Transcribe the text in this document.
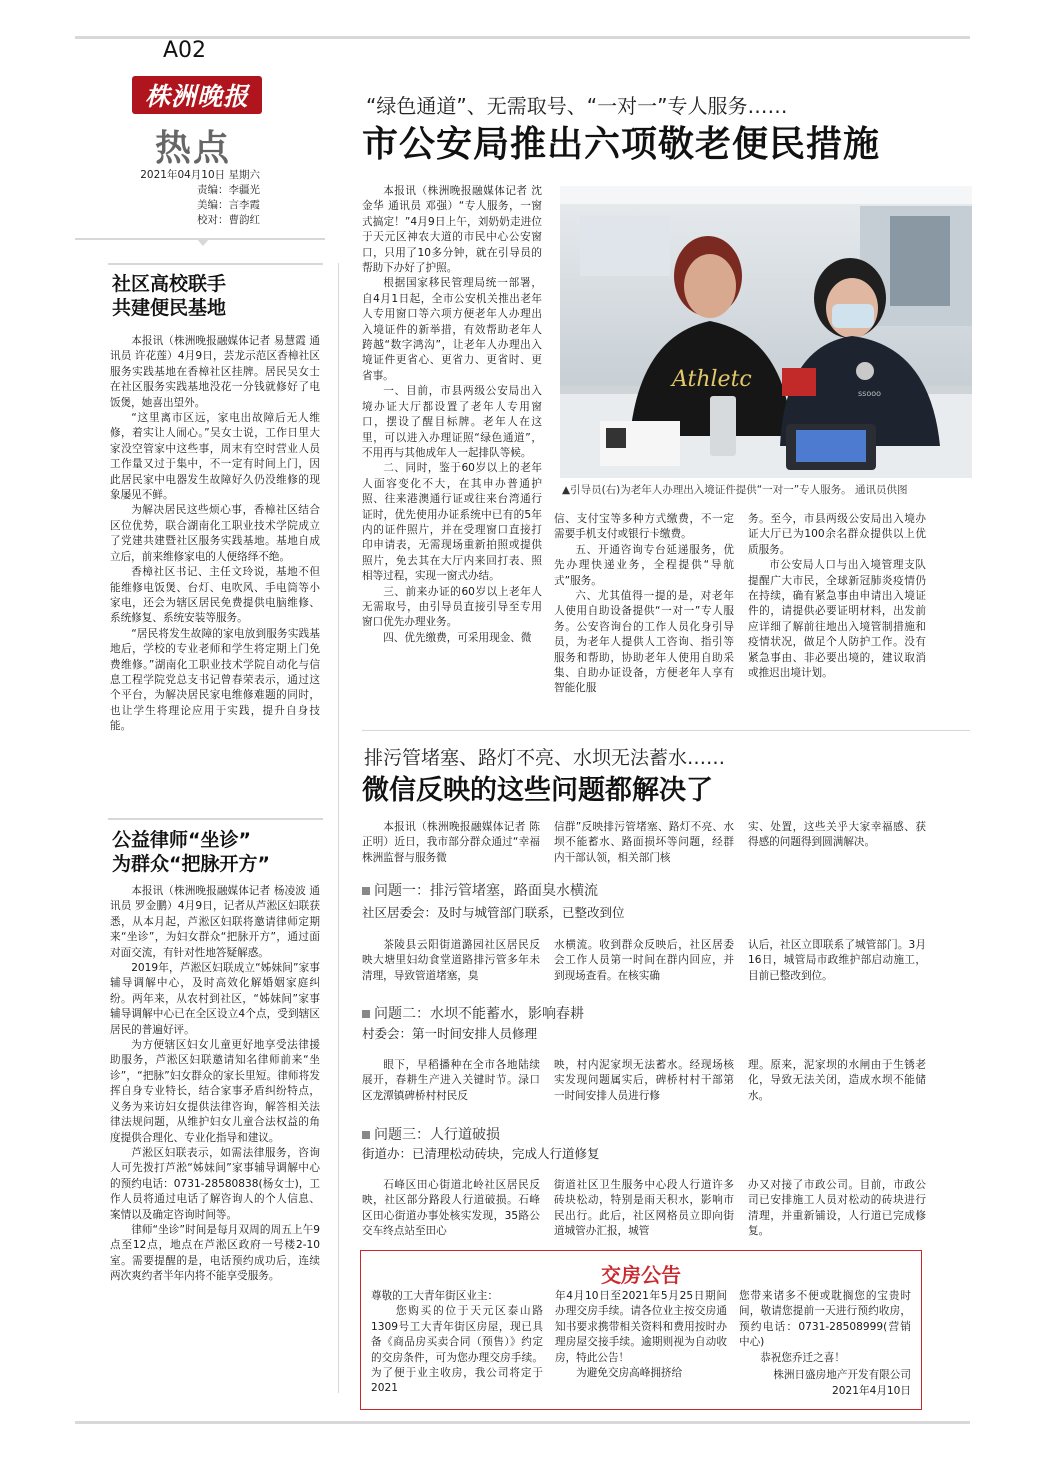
A02
株洲晚报
热点
2021年04月10日 星期六
责编：李疆光
美编：言李霞
校对：曹韵红
“绿色通道”、无需取号、“一对一”专人服务……
市公安局推出六项敬老便民措施
社区高校联手
共建便民基地
本报讯（株洲晚报融媒体记者 易慧霞 通讯员 许花莲）4月9日，芸龙示范区香樟社区服务实践基地在香樟社区挂牌。居民吴女士在社区服务实践基地没花一分钱就修好了电饭煲，她喜出望外。
“这里离市区远，家电出故障后无人维修，着实让人闹心。”吴女士说，工作日里大家没空管家中这些事，周末有空时营业人员工作量又过于集中，不一定有时间上门，因此居民家中电器发生故障好久仍没维修的现象屡见不鲜。
为解决居民这些烦心事，香樟社区结合区位优势，联合湖南化工职业技术学院成立了党建共建暨社区服务实践基地。基地自成立后，前来维修家电的人便络绎不绝。
香樟社区书记、主任文玲说，基地不但能维修电饭煲、台灯、电吹风、手电筒等小家电，还会为辖区居民免费提供电脑维修、系统修复、系统安装等服务。
“居民将发生故障的家电放到服务实践基地后，学校的专业老师和学生将定期上门免费维修。”湖南化工职业技术学院自动化与信息工程学院党总支书记曾春荣表示，通过这个平台，为解决居民家电维修难题的同时，也让学生将理论应用于实践，提升自身技能。
公益律师“坐诊”
为群众“把脉开方”
本报讯（株洲晚报融媒体记者 杨凌波 通讯员 罗金鹏）4月9日，记者从芦淞区妇联获悉，从本月起，芦淞区妇联将邀请律师定期来“坐诊”，为妇女群众“把脉开方”，通过面对面交流，有针对性地答疑解惑。
2019年，芦淞区妇联成立“姊妹间”家事辅导调解中心，及时高效化解婚姻家庭纠纷。两年来，从农村到社区，“姊妹间”家事辅导调解中心已在全区设立4个点，受到辖区居民的普遍好评。
为方便辖区妇女儿童更好地享受法律援助服务，芦淞区妇联邀请知名律师前来“坐诊”，“把脉”妇女群众的家长里短。律师将发挥自身专业特长，结合家事矛盾纠纷特点，义务为来访妇女提供法律咨询，解答相关法律法规问题，从维护妇女儿童合法权益的角度提供合理化、专业化指导和建议。
芦淞区妇联表示，如需法律服务，咨询人可先拨打芦淞“姊妹间”家事辅导调解中心的预约电话：0731-28580838(杨女士)，工作人员将通过电话了解咨询人的个人信息、案情以及确定咨询时间等。
律师“坐诊”时间是每月双周的周五上午9点至12点，地点在芦淞区政府一号楼2-10室。需要提醒的是，电话预约成功后，连续两次爽约者半年内将不能享受服务。
本报讯（株洲晚报融媒体记者 沈金华 通讯员 邓强）“专人服务，一窗式搞定！”4月9日上午，刘奶奶走进位于天元区神农大道的市民中心公安窗口，只用了10多分钟，就在引导员的帮助下办好了护照。
根据国家移民管理局统一部署，自4月1日起，全市公安机关推出老年人专用窗口等六项方便老年人办理出入境证件的新举措，有效帮助老年人跨越“数字鸿沟”，让老年人办理出入境证件更省心、更省力、更省时、更省事。
一、目前，市县两级公安局出入境办证大厅都设置了老年人专用窗口，摆设了醒目标牌。老年人在这里，可以进入办理证照“绿色通道”，不用再与其他成年人一起排队等候。
二、同时，鉴于60岁以上的老年人面容变化不大，在其申办普通护照、往来港澳通行证或往来台湾通行证时，优先使用办证系统中已有的5年内的证件照片，并在受理窗口直接打印申请表，无需现场重新拍照或提供照片，免去其在大厅内来回打表、照相等过程，实现一窗式办结。
三、前来办证的60岁以上老年人无需取号，由引导员直接引导至专用窗口优先办理业务。
四、优先缴费，可采用现金、微
Athletc
ssooo
▲引导员(右)为老年人办理出入境证件提供“一对一”专人服务。 通讯员供图
信、支付宝等多种方式缴费，不一定需要手机支付或银行卡缴费。
五、开通咨询专台延递服务，优先办理快递业务，全程提供“导航式”服务。
六、尤其值得一提的是，对老年人使用自助设备提供“一对一”专人服务。公安咨询台的工作人员化身引导员，为老年人提供人工咨询、指引等服务和帮助，协助老年人使用自助采集、自助办证设备，方便老年人享有智能化服
务。至今，市县两级公安局出入境办证大厅已为100余名群众提供以上优质服务。
市公安局人口与出入境管理支队提醒广大市民，全球新冠肺炎疫情仍在持续，确有紧急事由申请出入境证件的，请提供必要证明材料，出发前应详细了解前往地出入境管制措施和疫情状况，做足个人防护工作。没有紧急事由、非必要出境的，建议取消或推迟出境计划。
排污管堵塞、路灯不亮、水坝无法蓄水……
微信反映的这些问题都解决了
本报讯（株洲晚报融媒体记者 陈正明）近日，我市部分群众通过“幸福株洲监督与服务微
信群”反映排污管堵塞、路灯不亮、水坝不能蓄水、路面损坏等问题，经群内干部认领，相关部门核
实、处置，这些关乎大家幸福感、获得感的问题得到圆满解决。
问题一：排污管堵塞，路面臭水横流
社区居委会：及时与城管部门联系，已整改到位
茶陵县云阳街道潞园社区居民反映大塘里妇幼食堂道路排污管多年未清理，导致管道堵塞，臭
水横流。收到群众反映后，社区居委会工作人员第一时间在群内回应，并到现场查看。在核实确
认后，社区立即联系了城管部门。3月16日，城管局市政维护部启动施工，目前已整改到位。
问题二：水坝不能蓄水，影响春耕
村委会：第一时间安排人员修理
眼下，早稻播种在全市各地陆续展开，春耕生产进入关键时节。渌口区龙潭镇碑桥村村民反
映，村内泥家坝无法蓄水。经现场核实发现问题属实后，碑桥村村干部第一时间安排人员进行修
理。原来，泥家坝的水闸由于生锈老化，导致无法关闭，造成水坝不能储水。
问题三：人行道破损
街道办：已清理松动砖块，完成人行道修复
石峰区田心街道北岭社区居民反映，社区部分路段人行道破损。石峰区田心街道办事处核实发现，35路公交车终点站至田心
街道社区卫生服务中心段人行道许多砖块松动，特别是雨天积水，影响市民出行。此后，社区网格员立即向街道城管办汇报，城管
办又对接了市政公司。目前，市政公司已安排施工人员对松动的砖块进行清理，并重新铺设，人行道已完成修复。
交房公告
尊敬的工大青年街区业主：
　　您购买的位于天元区泰山路1309号工大青年街区房屋，现已具备《商品房买卖合同（预售）》约定的交房条件，可为您办理交房手续。为了便于业主收房，我公司将定于2021
年4月10日至2021年5月25日期间办理交房手续。请各位业主按交房通知书要求携带相关资料和费用按时办理房屋交接手续。逾期则视为自动收房，特此公告！
　　为避免交房高峰拥挤给
您带来诸多不便或耽搁您的宝贵时间，敬请您提前一天进行预约收房，预约电话：0731-28508999(营销中心)
　　恭祝您乔迁之喜！
株洲日盛房地产开发有限公司
2021年4月10日
